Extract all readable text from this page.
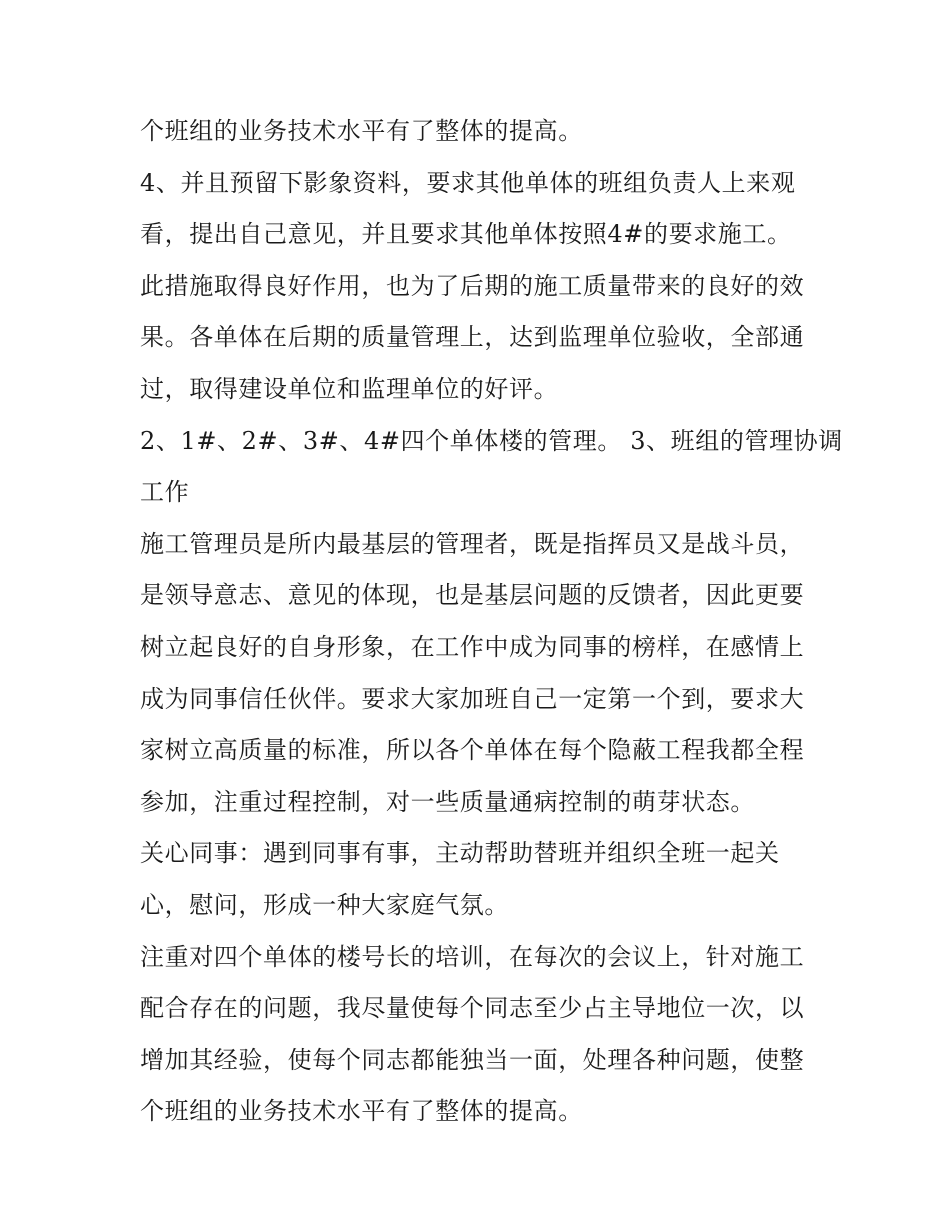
个班组的业务技术水平有了整体的提高。
4、并且预留下影象资料，要求其他单体的班组负责人上来观
看，提出自己意见，并且要求其他单体按照4#的要求施工。
此措施取得良好作用，也为了后期的施工质量带来的良好的效
果。各单体在后期的质量管理上，达到监理单位验收，全部通
过，取得建设单位和监理单位的好评。
2、1#、2#、3#、4#四个单体楼的管理。 3、班组的管理协调
工作
施工管理员是所内最基层的管理者，既是指挥员又是战斗员，
是领导意志、意见的体现，也是基层问题的反馈者，因此更要
树立起良好的自身形象，在工作中成为同事的榜样，在感情上
成为同事信任伙伴。要求大家加班自己一定第一个到，要求大
家树立高质量的标准，所以各个单体在每个隐蔽工程我都全程
参加，注重过程控制，对一些质量通病控制的萌芽状态。
关心同事：遇到同事有事，主动帮助替班并组织全班一起关
心，慰问，形成一种大家庭气氛。
注重对四个单体的楼号长的培训，在每次的会议上，针对施工
配合存在的问题，我尽量使每个同志至少占主导地位一次，以
增加其经验，使每个同志都能独当一面，处理各种问题，使整
个班组的业务技术水平有了整体的提高。
